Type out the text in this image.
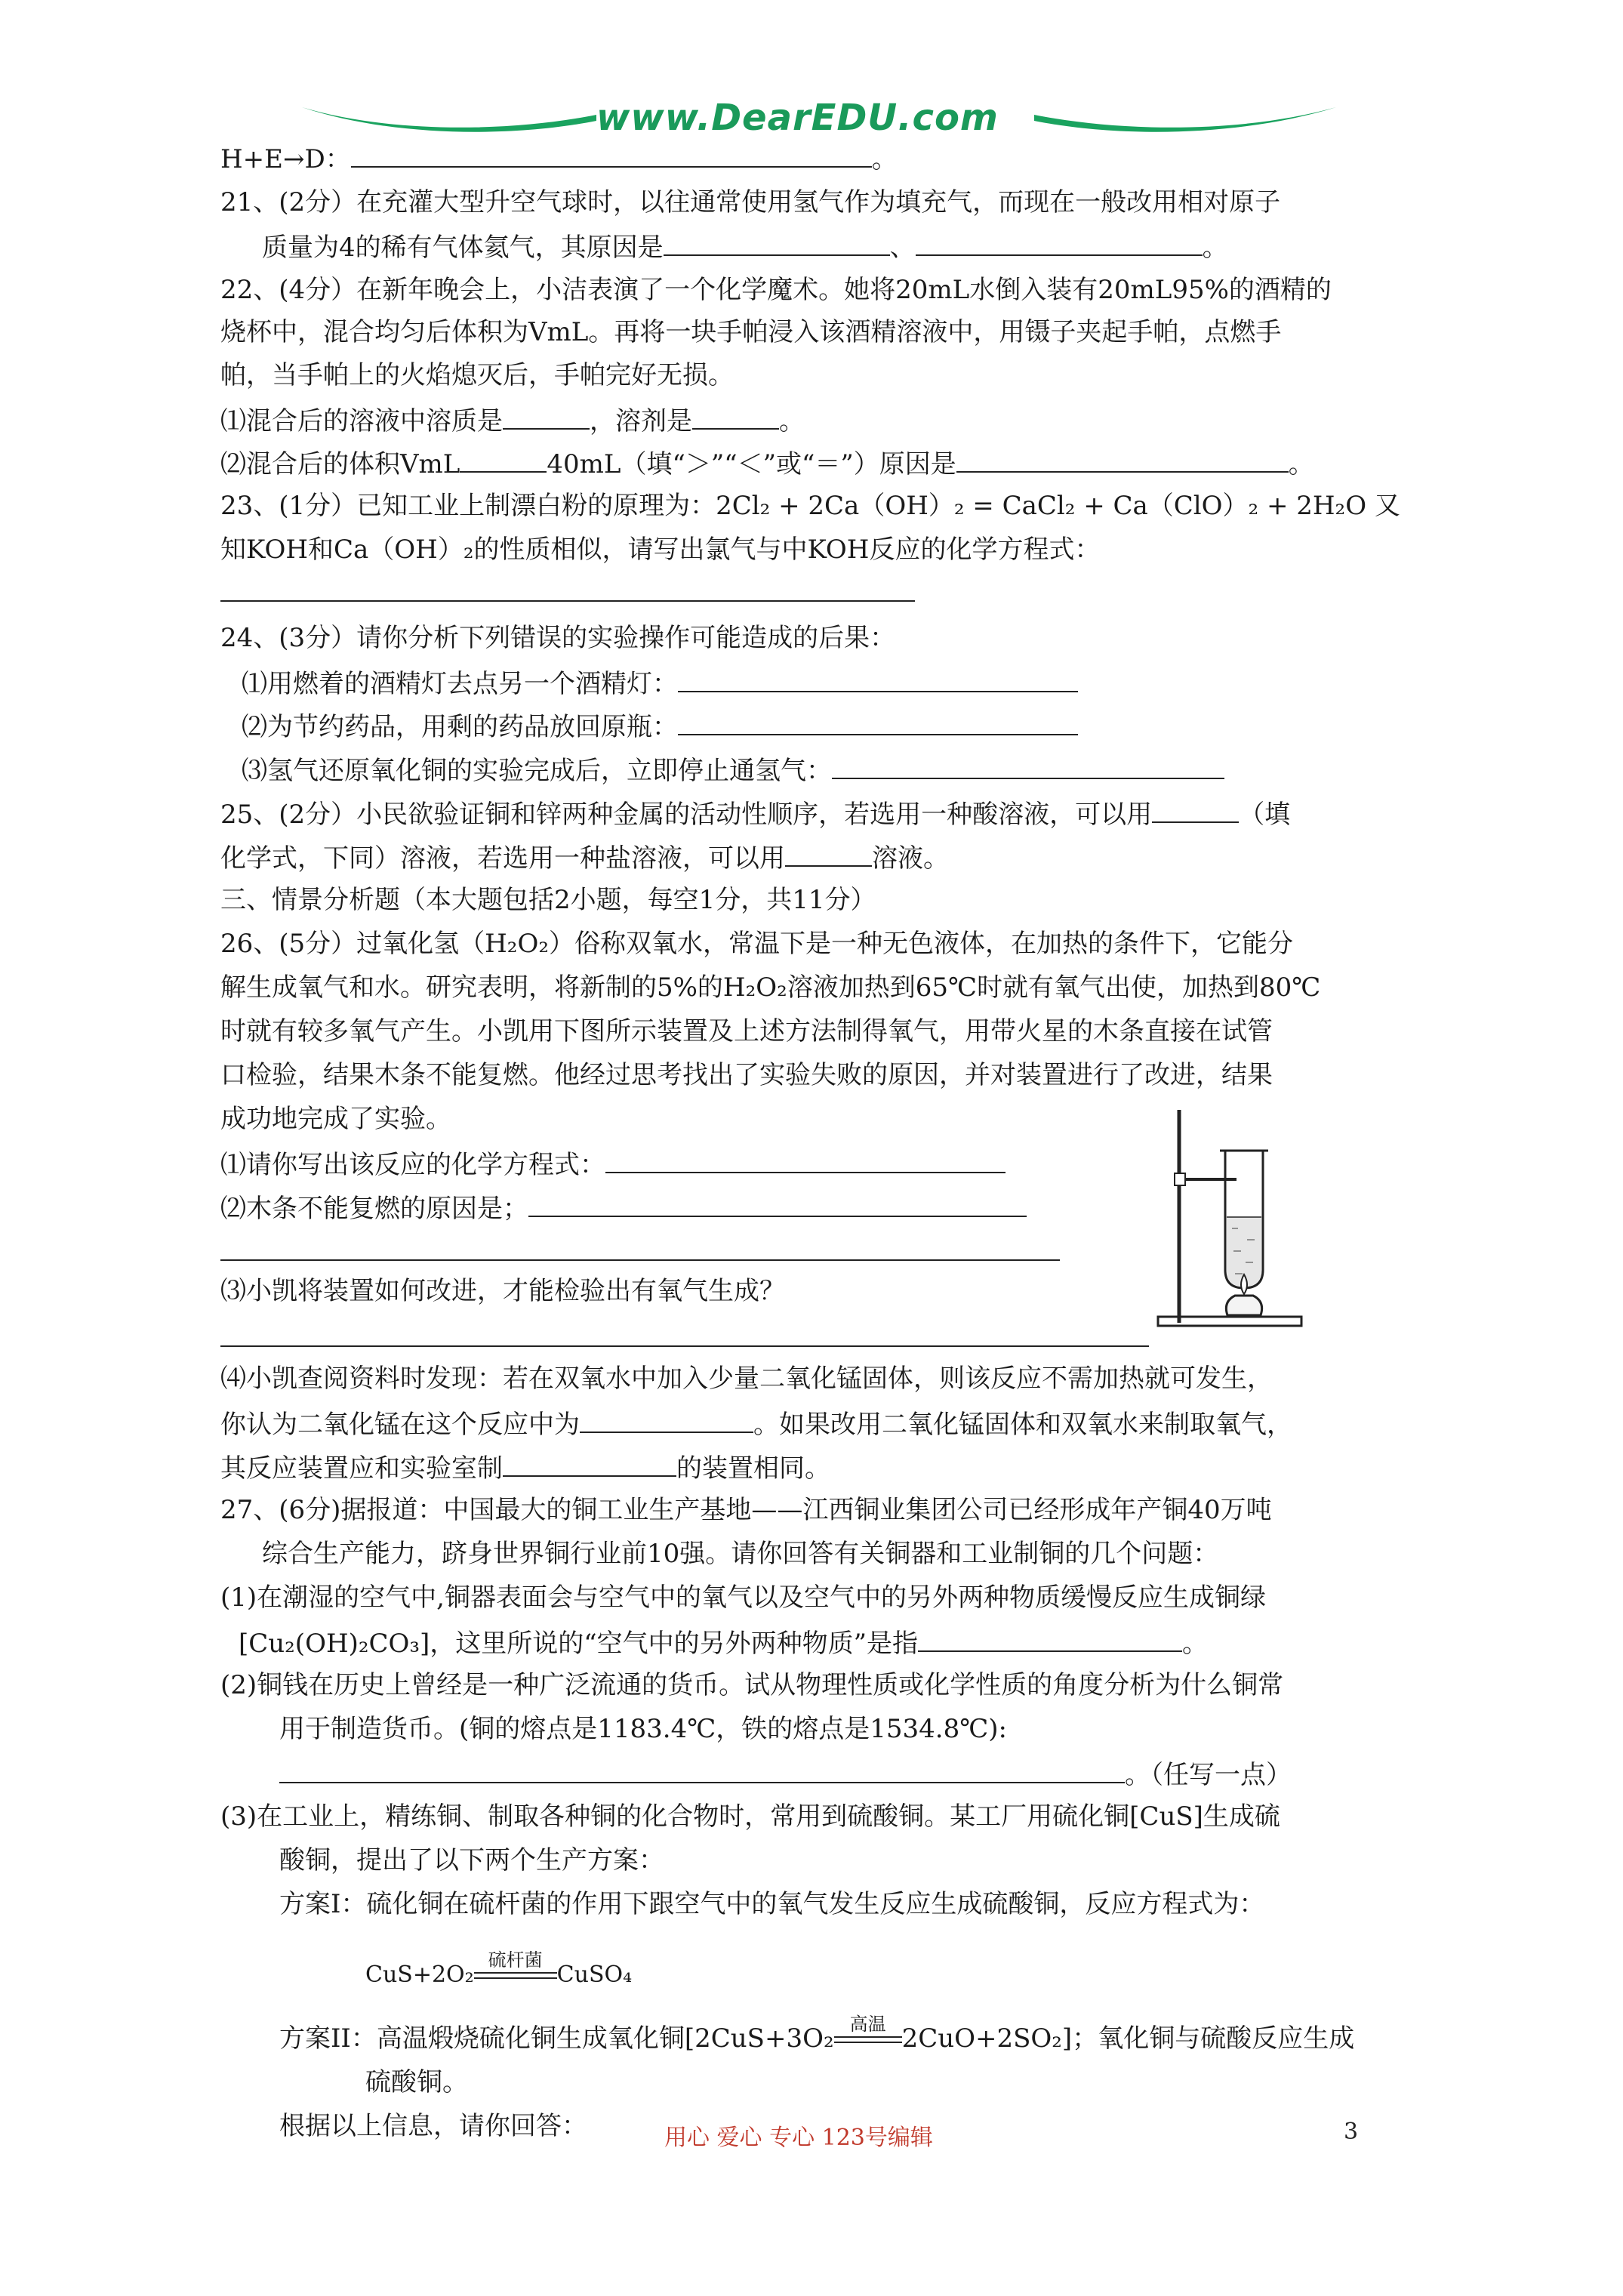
www.DearEDU.com
H+E→D：	。
21、(2分）在充灌大型升空气球时，以往通常使用氢气作为填充气，而现在一般改用相对原子
质量为4的稀有气体氦气，其原因是	、	。
22、(4分）在新年晚会上，小洁表演了一个化学魔术。她将20mL水倒入装有20mL95%的酒精的
烧杯中，混合均匀后体积为VmL。再将一块手帕浸入该酒精溶液中，用镊子夹起手帕，点燃手
帕，当手帕上的火焰熄灭后，手帕完好无损。
⑴混合后的溶液中溶质是	，溶剂是	。
⑵混合后的体积VmL	40mL（填“＞”“＜”或“＝”）原因是	。
23、(1分）已知工业上制漂白粉的原理为：2Cl₂ + 2Ca（OH）₂ = CaCl₂ + Ca（ClO）₂ + 2H₂O 又
知KOH和Ca（OH）₂的性质相似，请写出氯气与中KOH反应的化学方程式：
24、(3分）请你分析下列错误的实验操作可能造成的后果：
⑴用燃着的酒精灯去点另一个酒精灯：
⑵为节约药品，用剩的药品放回原瓶：
⑶氢气还原氧化铜的实验完成后，立即停止通氢气：
25、(2分）小民欲验证铜和锌两种金属的活动性顺序，若选用一种酸溶液，可以用	（填
化学式，下同）溶液，若选用一种盐溶液，可以用	溶液。
三、情景分析题（本大题包括2小题，每空1分，共11分）
26、(5分）过氧化氢（H₂O₂）俗称双氧水，常温下是一种无色液体，在加热的条件下，它能分
解生成氧气和水。研究表明，将新制的5%的H₂O₂溶液加热到65℃时就有氧气出使，加热到80℃
时就有较多氧气产生。小凯用下图所示装置及上述方法制得氧气，用带火星的木条直接在试管
口检验，结果木条不能复燃。他经过思考找出了实验失败的原因，并对装置进行了改进，结果
成功地完成了实验。
⑴请你写出该反应的化学方程式：
⑵木条不能复燃的原因是；
⑶小凯将装置如何改进，才能检验出有氧气生成？
⑷小凯查阅资料时发现：若在双氧水中加入少量二氧化锰固体，则该反应不需加热就可发生，
你认为二氧化锰在这个反应中为	。如果改用二氧化锰固体和双氧水来制取氧气，
其反应装置应和实验室制	的装置相同。
27、(6分)据报道：中国最大的铜工业生产基地——江西铜业集团公司已经形成年产铜40万吨
综合生产能力，跻身世界铜行业前10强。请你回答有关铜器和工业制铜的几个问题：
(1)在潮湿的空气中,铜器表面会与空气中的氧气以及空气中的另外两种物质缓慢反应生成铜绿
[Cu₂(OH)₂CO₃]，这里所说的“空气中的另外两种物质”是指	。
(2)铜钱在历史上曾经是一种广泛流通的货币。试从物理性质或化学性质的角度分析为什么铜常
用于制造货币。(铜的熔点是1183.4℃，铁的熔点是1534.8℃):
。（任写一点）
(3)在工业上，精练铜、制取各种铜的化合物时，常用到硫酸铜。某工厂用硫化铜[CuS]生成硫
酸铜，提出了以下两个生产方案：
方案I：硫化铜在硫杆菌的作用下跟空气中的氧气发生反应生成硫酸铜，反应方程式为：
CuS+2O₂
硫杆菌
CuSO₄
方案II：高温煅烧硫化铜生成氧化铜[2CuS+3O₂ 高温 2CuO+2SO₂]；氧化铜与硫酸反应生成
硫酸铜。
根据以上信息，请你回答：	用心 爱心 专心 123号编辑	3
